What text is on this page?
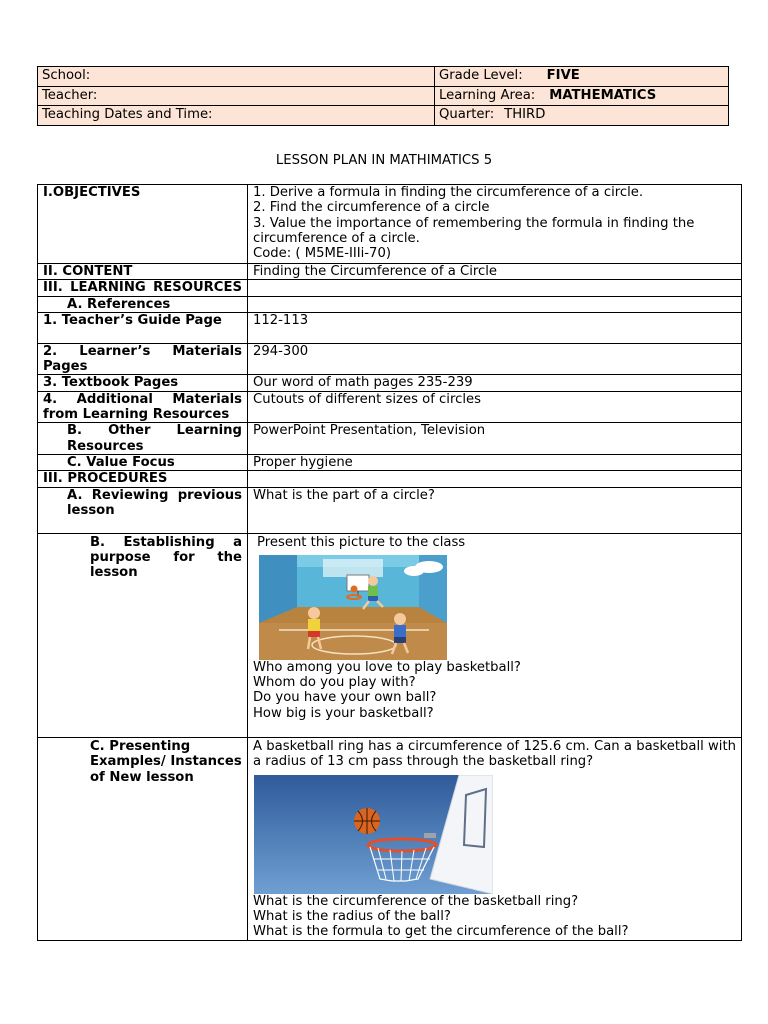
School:	Grade Level: FIVE
Teacher:	Learning Area: MATHEMATICS
Teaching Dates and Time:	Quarter: THIRD
LESSON PLAN IN MATHIMATICS 5
I.OBJECTIVES	1. Derive a formula in finding the circumference of a circle.
2. Find the circumference of a circle
3. Value the importance of remembering the formula in finding the circumference of a circle.
Code: ( M5ME-IIIi-70)

II. CONTENT	Finding the Circumference of a Circle
III. LEARNING RESOURCES	
A. References	
1. Teacher’s Guide Page	112-113
2. Learner’s Materials Pages	294-300
3. Textbook Pages	Our word of math pages 235-239
4. Additional Materials from Learning Resources	Cutouts of different sizes of circles
B. Other Learning Resources	PowerPoint Presentation, Television
C. Value Focus	Proper hygiene
III. PROCEDURES	
A. Reviewing previous lesson	What is the part of a circle?
B. Establishing a purpose for the lesson	Present this picture to the class
Who among you love to play basketball?
Whom do you play with?
Do you have your own ball?
How big is your basketball?

C. Presenting Examples/ Instances of New lesson	A basketball ring has a circumference of 125.6 cm. Can a basketball with a radius of 13 cm pass through the basketball ring?
What is the circumference of the basketball ring?
What is the radius of the ball?
What is the formula to get the circumference of the ball?
